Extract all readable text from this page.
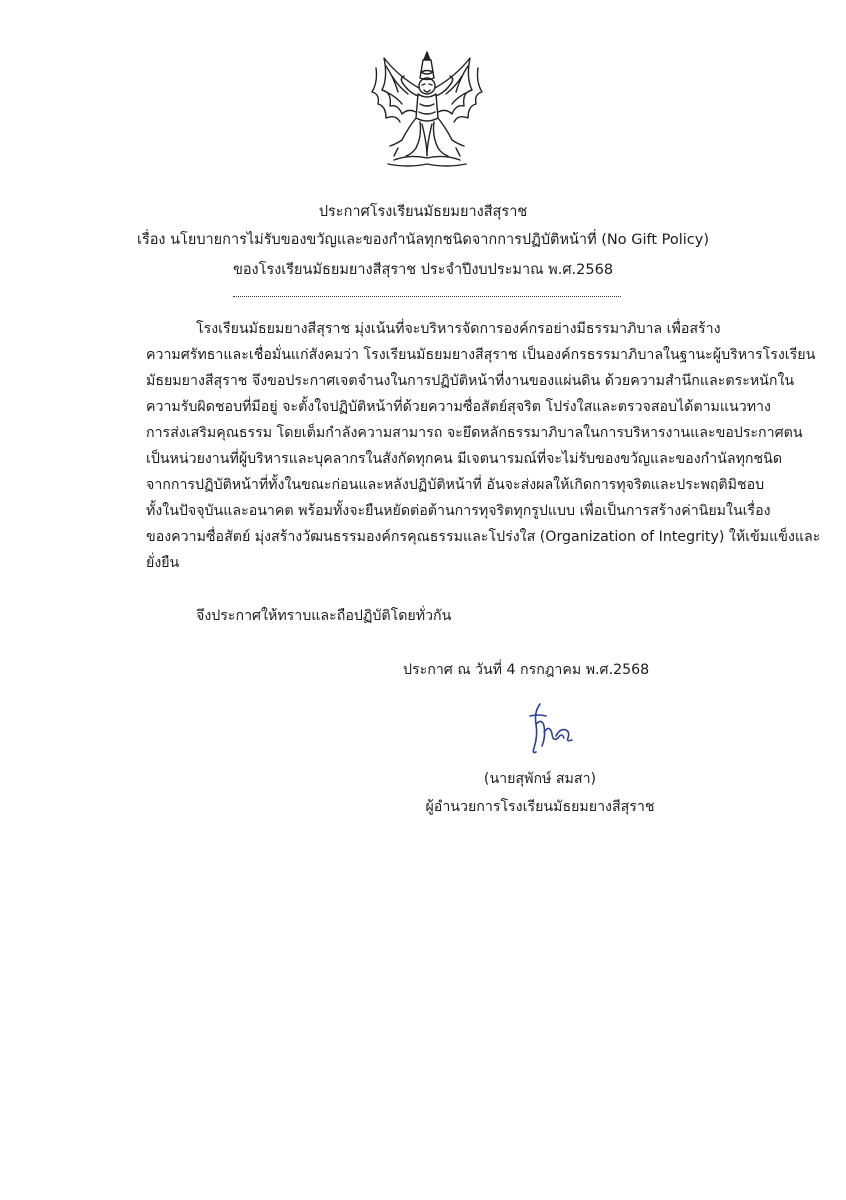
ประกาศโรงเรียนมัธยมยางสีสุราช
เรื่อง นโยบายการไม่รับของขวัญและของกำนัลทุกชนิดจากการปฏิบัติหน้าที่ (No Gift Policy)
ของโรงเรียนมัธยมยางสีสุราช ประจำปีงบประมาณ พ.ศ.2568
โรงเรียนมัธยมยางสีสุราช มุ่งเน้นที่จะบริหารจัดการองค์กรอย่างมีธรรมาภิบาล เพื่อสร้าง
ความศรัทธาและเชื่อมั่นแก่สังคมว่า โรงเรียนมัธยมยางสีสุราช เป็นองค์กรธรรมาภิบาลในฐานะผู้บริหารโรงเรียน
มัธยมยางสีสุราช จึงขอประกาศเจตจำนงในการปฏิบัติหน้าที่งานของแผ่นดิน ด้วยความสำนึกและตระหนักใน
ความรับผิดชอบที่มีอยู่ จะตั้งใจปฏิบัติหน้าที่ด้วยความซื่อสัตย์สุจริต โปร่งใสและตรวจสอบได้ตามแนวทาง
การส่งเสริมคุณธรรม โดยเต็มกำลังความสามารถ จะยึดหลักธรรมาภิบาลในการบริหารงานและขอประกาศตน
เป็นหน่วยงานที่ผู้บริหารและบุคลากรในสังกัดทุกคน มีเจตนารมณ์ที่จะไม่รับของขวัญและของกำนัลทุกชนิด
จากการปฏิบัติหน้าที่ทั้งในขณะก่อนและหลังปฏิบัติหน้าที่ อันจะส่งผลให้เกิดการทุจริตและประพฤติมิชอบ
ทั้งในปัจจุบันและอนาคต พร้อมทั้งจะยืนหยัดต่อต้านการทุจริตทุกรูปแบบ เพื่อเป็นการสร้างค่านิยมในเรื่อง
ของความซื่อสัตย์ มุ่งสร้างวัฒนธรรมองค์กรคุณธรรมและโปร่งใส (Organization of Integrity) ให้เข้มแข็งและ
ยั่งยืน
จึงประกาศให้ทราบและถือปฏิบัติโดยทั่วกัน
ประกาศ ณ วันที่ 4 กรกฎาคม พ.ศ.2568
(นายสุพักษ์ สมสา)
ผู้อำนวยการโรงเรียนมัธยมยางสีสุราช
